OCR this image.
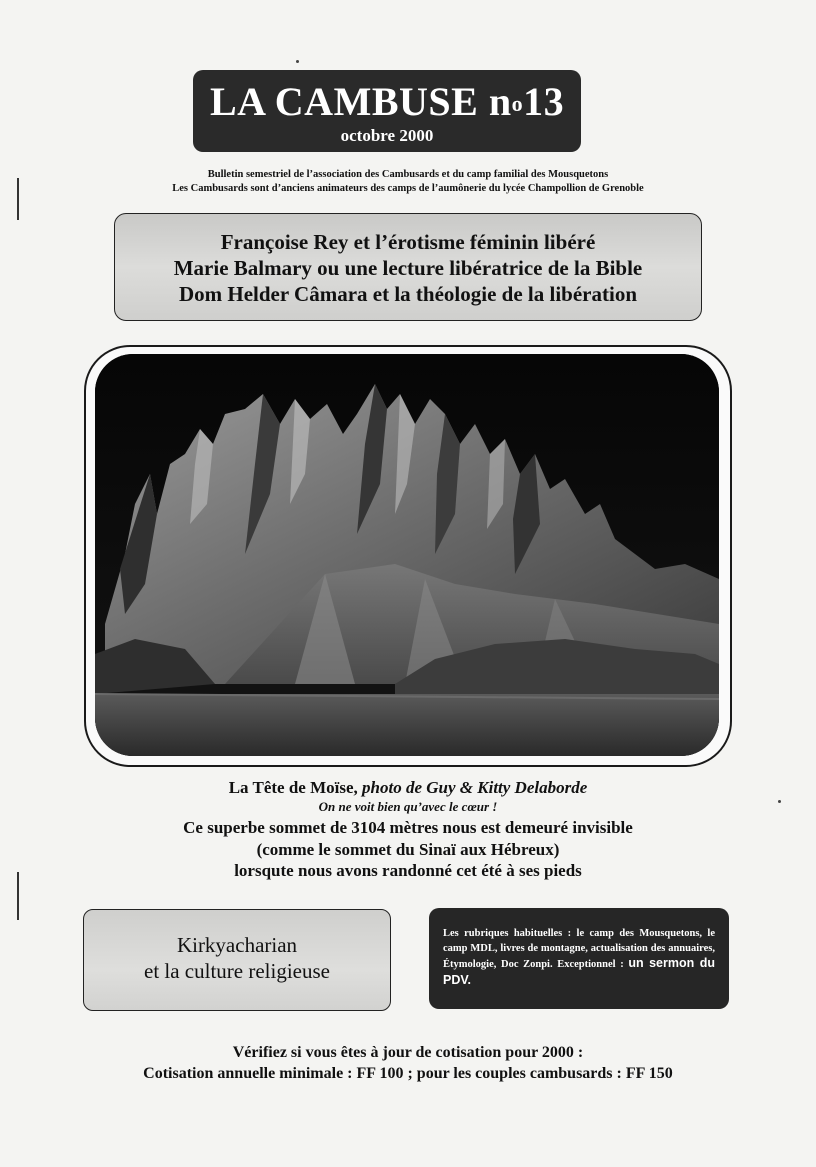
LA CAMBUSE $n^o13$
octobre 2000
Bulletin semestriel de l’association des Cambusards et du camp familial des Mousquetons
Les Cambusards sont d’anciens animateurs des camps de l’aumônerie du lycée Champollion de Grenoble
Françoise Rey et l’érotisme féminin libéré
Marie Balmary ou une lecture libératrice de la Bible
Dom Helder Câmara et la théologie de la libération
La Tête de Moïse, photo de Guy & Kitty Delaborde
On ne voit bien qu’avec le cœur !
Ce superbe sommet de 3104 mètres nous est demeuré invisible
(comme le sommet du Sinaï aux Hébreux)
lorsqute nous avons randonné cet été à ses pieds
Kirkyacharian
et la culture religieuse
Les rubriques habituelles : le camp des Mousquetons, le camp MDL, livres de montagne, actualisation des annuaires, Étymologie, Doc Zonpi. Exceptionnel : un sermon du PDV.
Vérifiez si vous êtes à jour de cotisation pour 2000 :
Cotisation annuelle minimale : FF 100 ; pour les couples cambusards : FF 150
